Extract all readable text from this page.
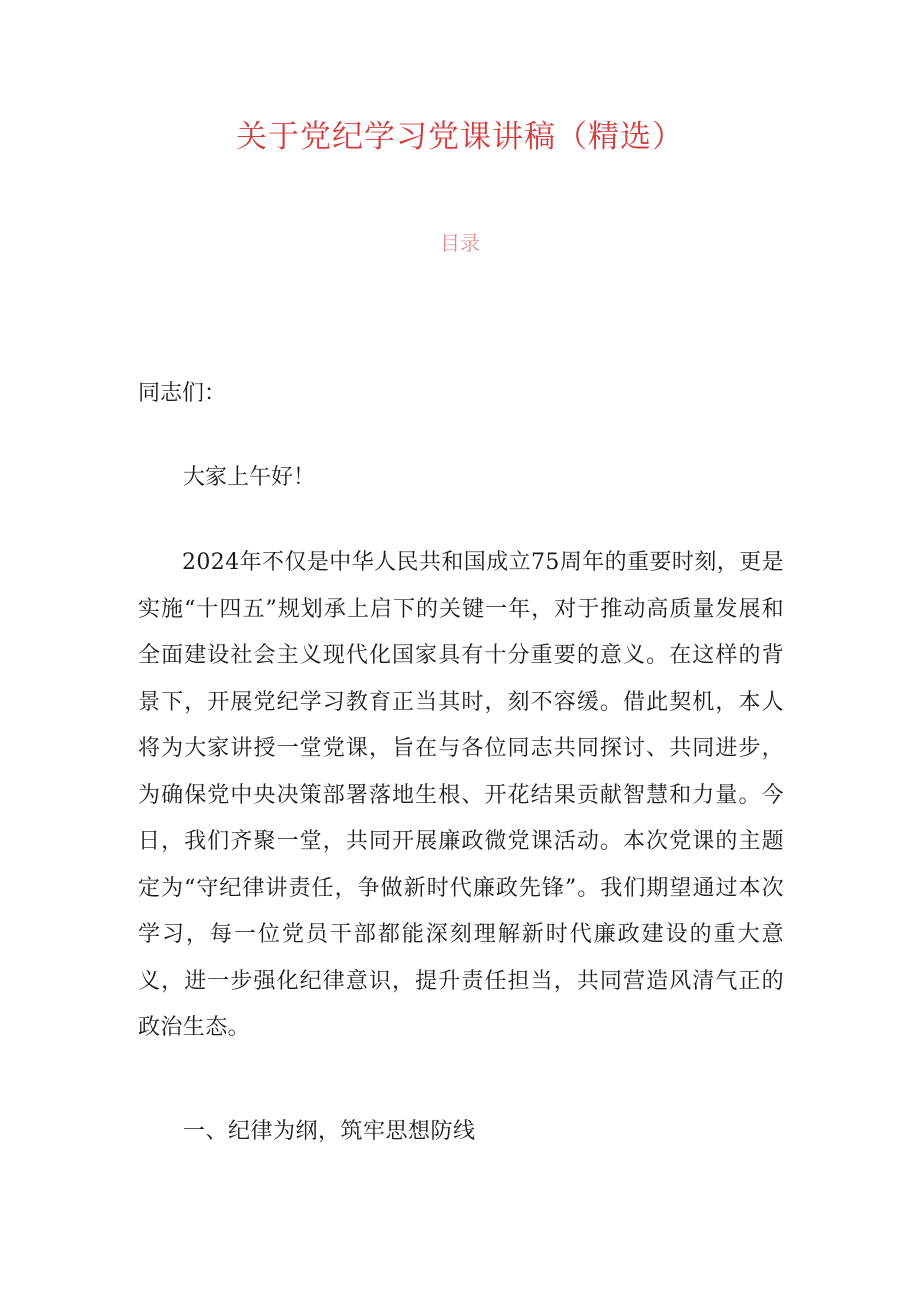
关于党纪学习党课讲稿（精选）
目录
同志们：
大家上午好！

2024年不仅是中华人民共和国成立75周年的重要时刻，更是实施“十四五”规划承上启下的关键一年，对于推动高质量发展和全面建设社会主义现代化国家具有十分重要的意义。在这样的背景下，开展党纪学习教育正当其时，刻不容缓。借此契机，本人将为大家讲授一堂党课，旨在与各位同志共同探讨、共同进步，为确保党中央决策部署落地生根、开花结果贡献智慧和力量。今日，我们齐聚一堂，共同开展廉政微党课活动。本次党课的主题定为“守纪律讲责任，争做新时代廉政先锋”。我们期望通过本次学习，每一位党员干部都能深刻理解新时代廉政建设的重大意义，进一步强化纪律意识，提升责任担当，共同营造风清气正的政治生态。

一、纪律为纲，筑牢思想防线
